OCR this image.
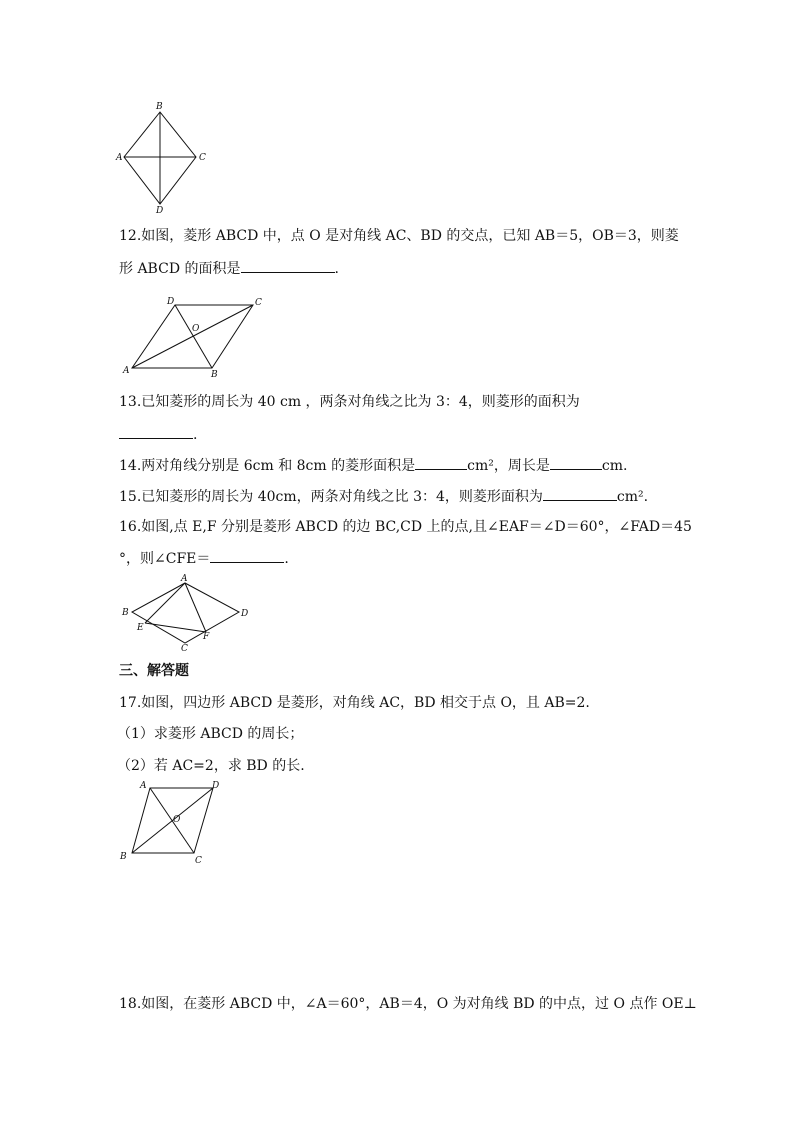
B
A	C
D
12.如图，菱形 ABCD 中，点 O 是对角线 AC、BD 的交点，已知 AB＝5，OB＝3，则菱
形 ABCD 的面积是	.
D	C
O
A	B
13.已知菱形的周长为 40 cm ，两条对角线之比为 3：4，则菱形的面积为
.
14.两对角线分别是 6cm 和 8cm 的菱形面积是	cm²，周长是	cm.
15.已知菱形的周长为 40cm，两条对角线之比 3：4，则菱形面积为	cm².
16.如图,点 E,F 分别是菱形 ABCD 的边 BC,CD 上的点,且∠EAF＝∠D＝60°，∠FAD＝45
°，则∠CFE＝	.
A
B	D
E
F
C
三、解答题
17.如图，四边形 ABCD 是菱形，对角线 AC，BD 相交于点 O，且 AB=2.
（1）求菱形 ABCD 的周长；
（2）若 AC=2，求 BD 的长.
A	D
O
B	C
18.如图，在菱形 ABCD 中，∠A＝60°，AB＝4，O 为对角线 BD 的中点，过 O 点作 OE⊥
